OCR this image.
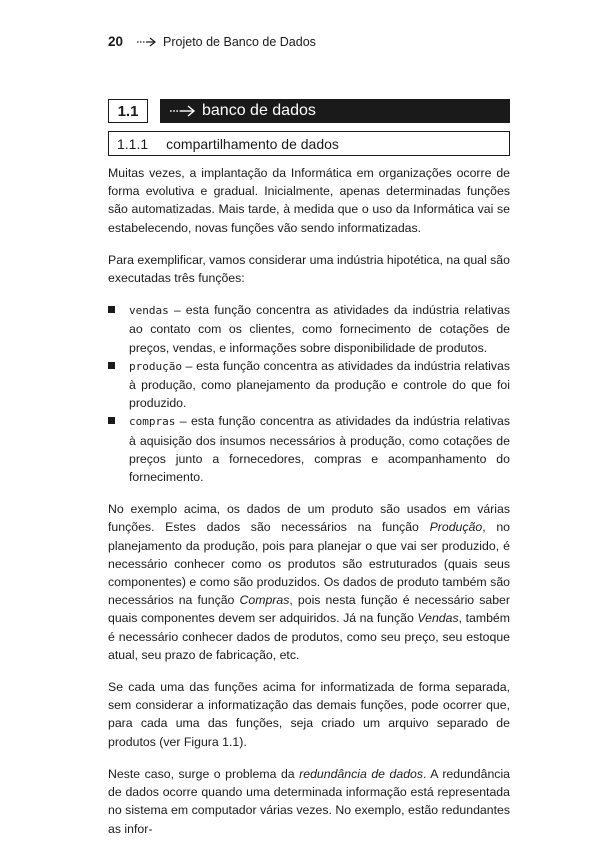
20	Projeto de Banco de Dados
1.1	banco de dados
1.1.1 compartilhamento de dados

Muitas vezes, a implantação da Informática em organizações ocorre de forma evolutiva e gradual. Inicialmente, apenas determinadas funções são automatizadas. Mais tarde, à medida que o uso da Informática vai se estabelecendo, novas funções vão sendo informatizadas.

Para exemplificar, vamos considerar uma indústria hipotética, na qual são executadas três funções:

vendas – esta função concentra as atividades da indústria relativas ao contato com os clientes, como fornecimento de cotações de preços, vendas, e informações sobre disponibilidade de produtos.
produção – esta função concentra as atividades da indústria relativas à produção, como planejamento da produção e controle do que foi produzido.
compras – esta função concentra as atividades da indústria relativas à aquisição dos insumos necessários à produção, como cotações de preços junto a fornecedores, compras e acompanhamento do fornecimento.

No exemplo acima, os dados de um produto são usados em várias funções. Estes dados são necessários na função Produção, no planejamento da produção, pois para planejar o que vai ser produzido, é necessário conhecer como os produtos são estruturados (quais seus componentes) e como são produzidos. Os dados de produto também são necessários na função Compras, pois nesta função é necessário saber quais componentes devem ser adquiridos. Já na função Vendas, também é necessário conhecer dados de produtos, como seu preço, seu estoque atual, seu prazo de fabricação, etc.

Se cada uma das funções acima for informatizada de forma separada, sem considerar a informatização das demais funções, pode ocorrer que, para cada uma das funções, seja criado um arquivo separado de produtos (ver Figura 1.1).

Neste caso, surge o problema da redundância de dados. A redundância de dados ocorre quando uma determinada informação está representada no sistema em computador várias vezes. No exemplo, estão redundantes as infor-
